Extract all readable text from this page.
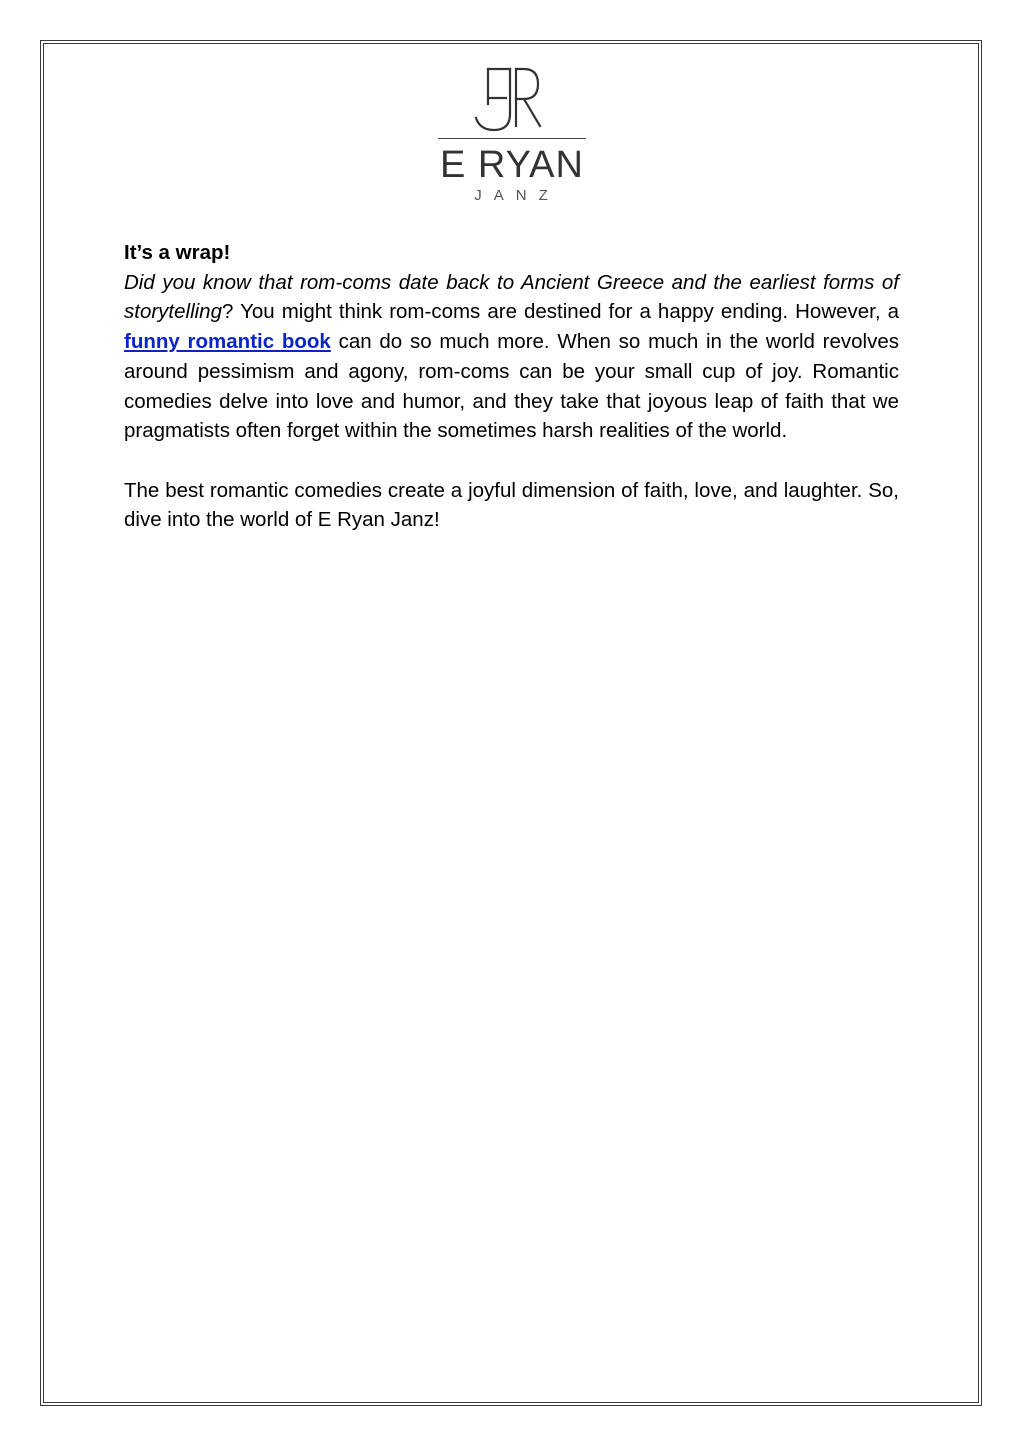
E RYAN
JANZ

It’s a wrap!

Did you know that rom-coms date back to Ancient Greece and the earliest forms of storytelling? You might think rom-coms are destined for a happy ending. However, a funny romantic book can do so much more. When so much in the world revolves around pessimism and agony, rom-coms can be your small cup of joy. Romantic comedies delve into love and humor, and they take that joyous leap of faith that we pragmatists often forget within the sometimes harsh realities of the world.

The best romantic comedies create a joyful dimension of faith, love, and laughter. So, dive into the world of E Ryan Janz!
